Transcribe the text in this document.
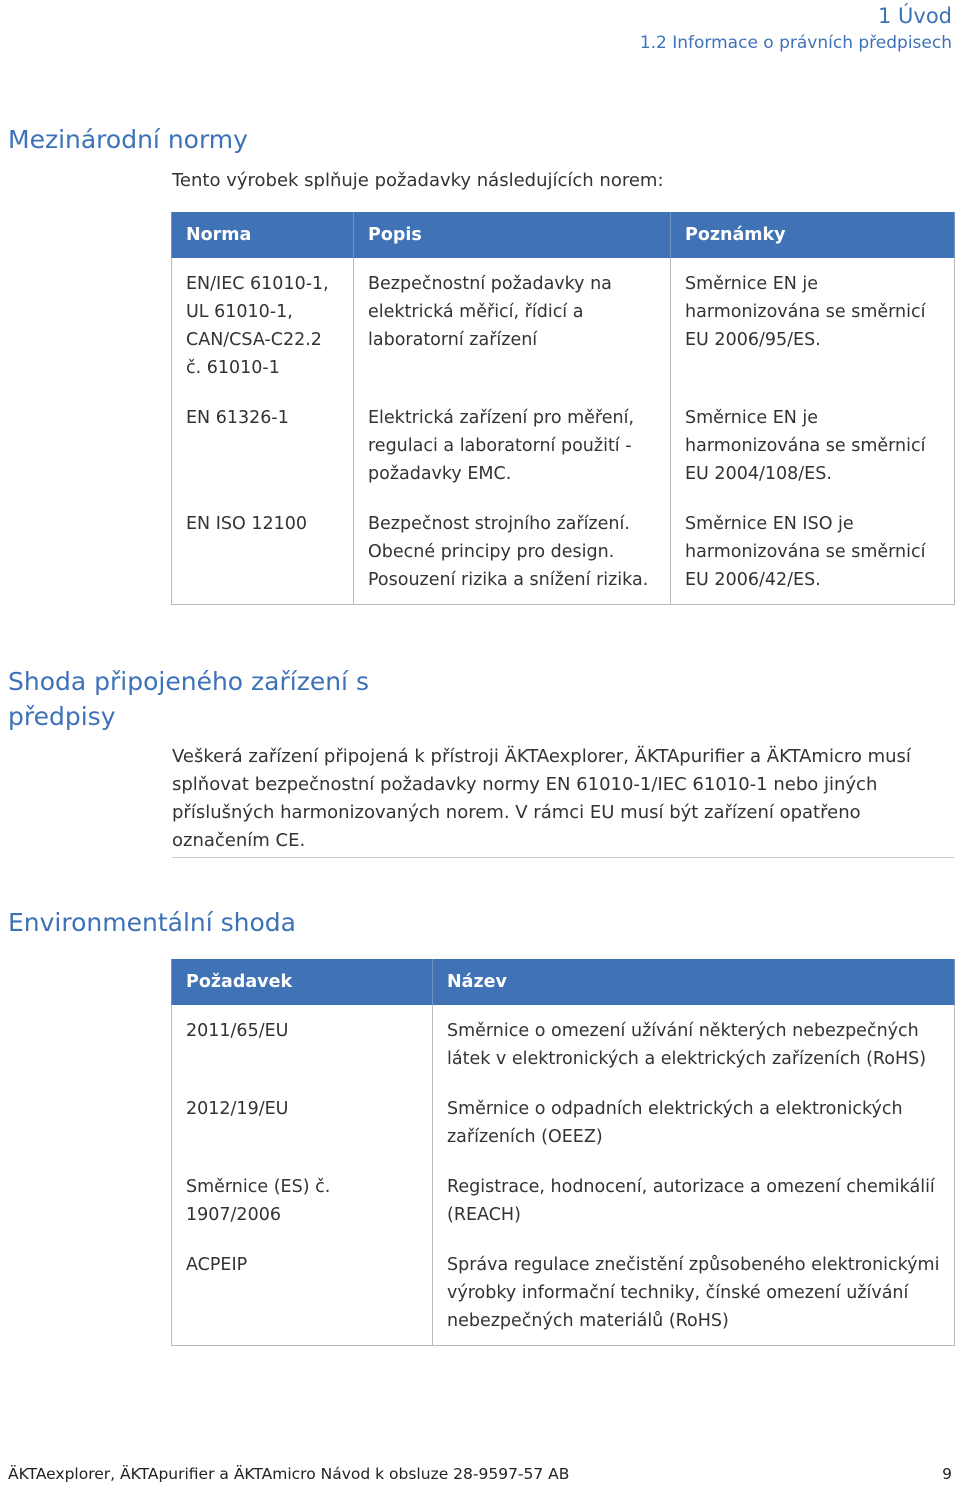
1 Úvod
1.2 Informace o právních předpisech
Mezinárodní normy
Tento výrobek splňuje požadavky následujících norem:
Norma	Popis	Poznámky
EN/IEC 61010-1, UL 61010-1, CAN/CSA-C22.2 č. 61010-1	Bezpečnostní požadavky na elektrická měřicí, řídicí a laboratorní zařízení	Směrnice EN je harmonizována se směrnicí EU 2006/95/ES.
EN 61326-1	Elektrická zařízení pro měření, regulaci a laboratorní použití - požadavky EMC.	Směrnice EN je harmonizována se směrnicí EU 2004/108/ES.
EN ISO 12100	Bezpečnost strojního zařízení. Obecné principy pro design. Posouzení rizika a snížení rizika.	Směrnice EN ISO je harmonizována se směrnicí EU 2006/42/ES.
Shoda připojeného zařízení s
předpisy
Veškerá zařízení připojená k přístroji ÄKTAexplorer, ÄKTApurifier a ÄKTAmicro musí splňovat bezpečnostní požadavky normy EN 61010-1/IEC 61010-1 nebo jiných příslušných harmonizovaných norem. V rámci EU musí být zařízení opatřeno označením CE.
Environmentální shoda
Požadavek	Název
2011/65/EU	Směrnice o omezení užívání některých nebezpečných látek v elektronických a elektrických zařízeních (RoHS)
2012/19/EU	Směrnice o odpadních elektrických a elektronických zařízeních (OEEZ)
Směrnice (ES) č. 1907/2006	Registrace, hodnocení, autorizace a omezení chemikálií (REACH)
ACPEIP	Správa regulace znečistění způsobeného elektronickými výrobky informační techniky, čínské omezení užívání nebezpečných materiálů (RoHS)
ÄKTAexplorer, ÄKTApurifier a ÄKTAmicro Návod k obsluze 28-9597-57 AB	9
